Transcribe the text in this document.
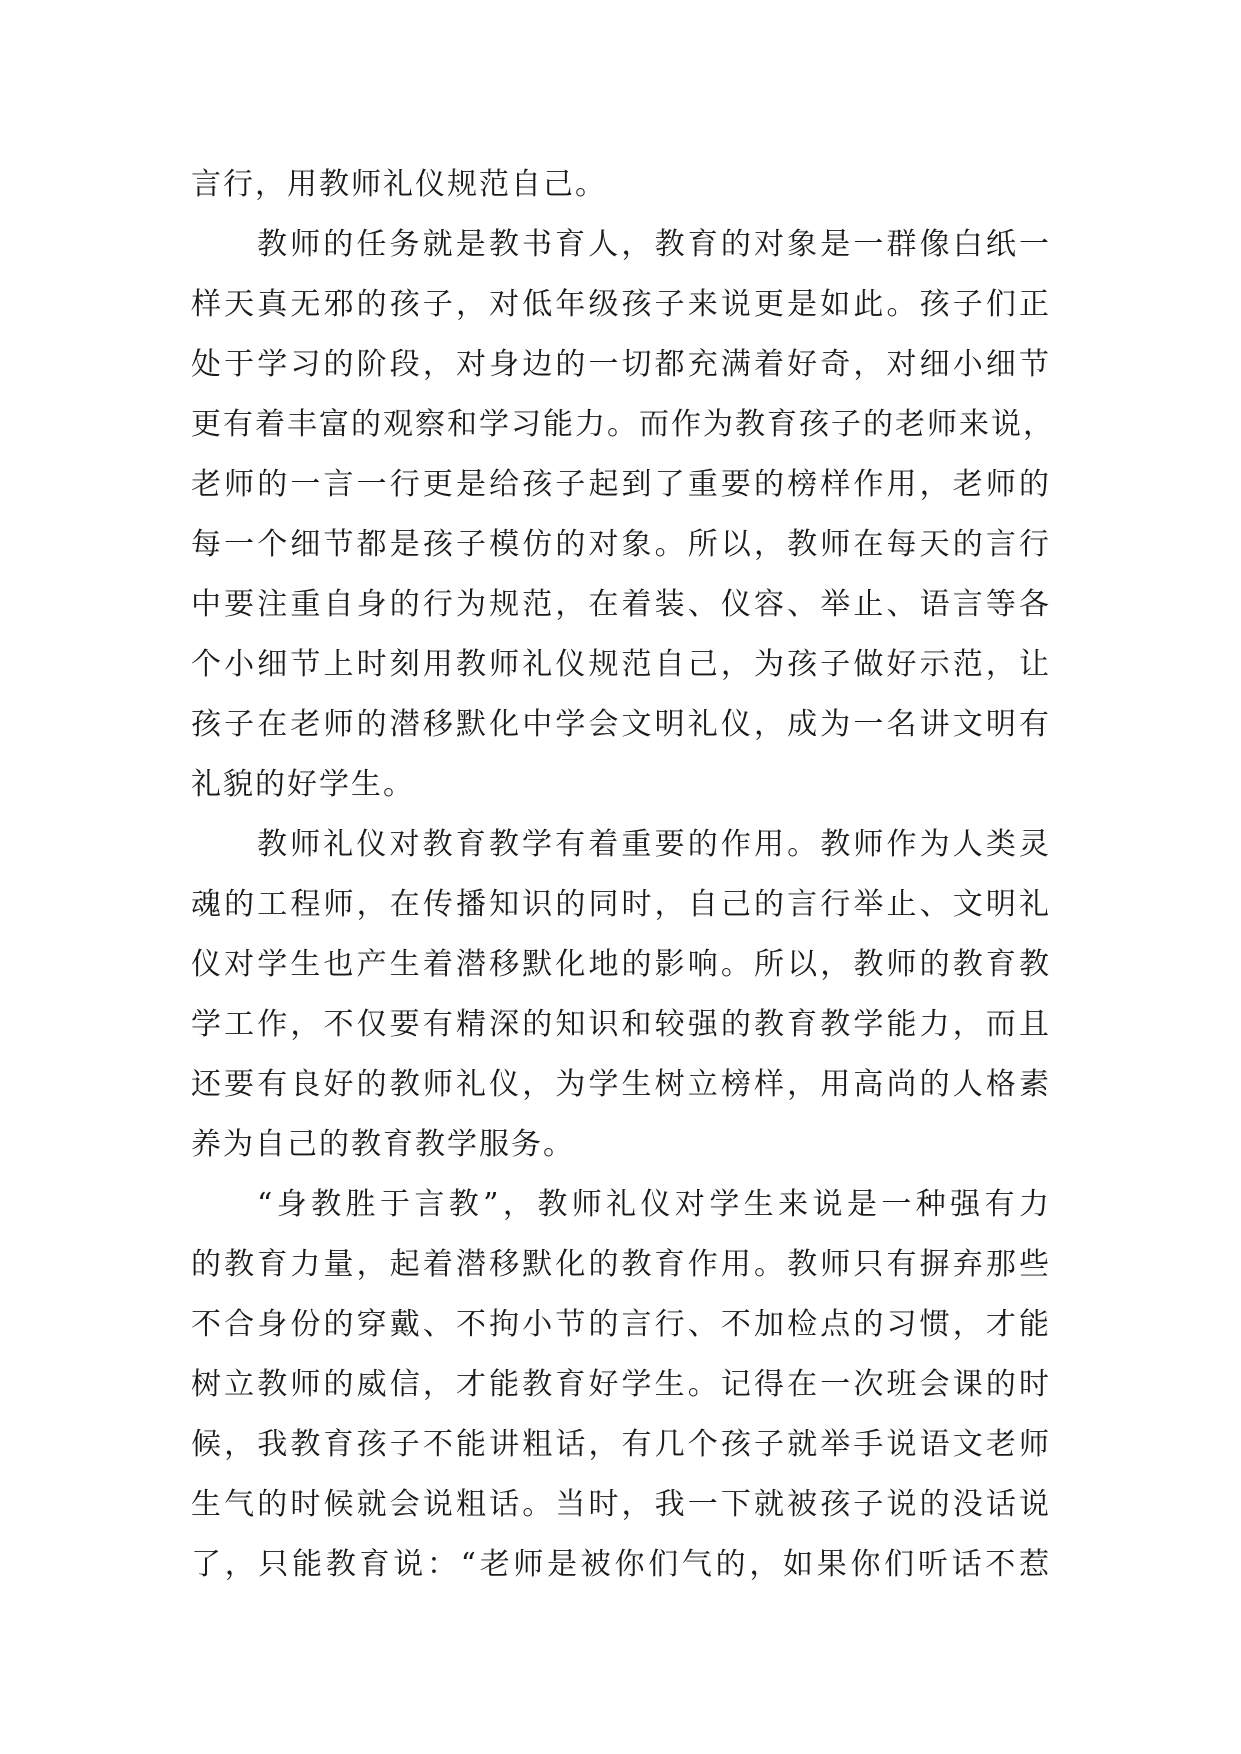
言行，用教师礼仪规范自己。
教师的任务就是教书育人，教育的对象是一群像白纸一
样天真无邪的孩子，对低年级孩子来说更是如此。孩子们正
处于学习的阶段，对身边的一切都充满着好奇，对细小细节
更有着丰富的观察和学习能力。而作为教育孩子的老师来说，
老师的一言一行更是给孩子起到了重要的榜样作用，老师的
每一个细节都是孩子模仿的对象。所以，教师在每天的言行
中要注重自身的行为规范，在着装、仪容、举止、语言等各
个小细节上时刻用教师礼仪规范自己，为孩子做好示范，让
孩子在老师的潜移默化中学会文明礼仪，成为一名讲文明有
礼貌的好学生。
教师礼仪对教育教学有着重要的作用。教师作为人类灵
魂的工程师，在传播知识的同时，自己的言行举止、文明礼
仪对学生也产生着潜移默化地的影响。所以，教师的教育教
学工作，不仅要有精深的知识和较强的教育教学能力，而且
还要有良好的教师礼仪，为学生树立榜样，用高尚的人格素
养为自己的教育教学服务。
“身教胜于言教”，教师礼仪对学生来说是一种强有力
的教育力量，起着潜移默化的教育作用。教师只有摒弃那些
不合身份的穿戴、不拘小节的言行、不加检点的习惯，才能
树立教师的威信，才能教育好学生。记得在一次班会课的时
候，我教育孩子不能讲粗话，有几个孩子就举手说语文老师
生气的时候就会说粗话。当时，我一下就被孩子说的没话说
了，只能教育说：“老师是被你们气的，如果你们听话不惹
